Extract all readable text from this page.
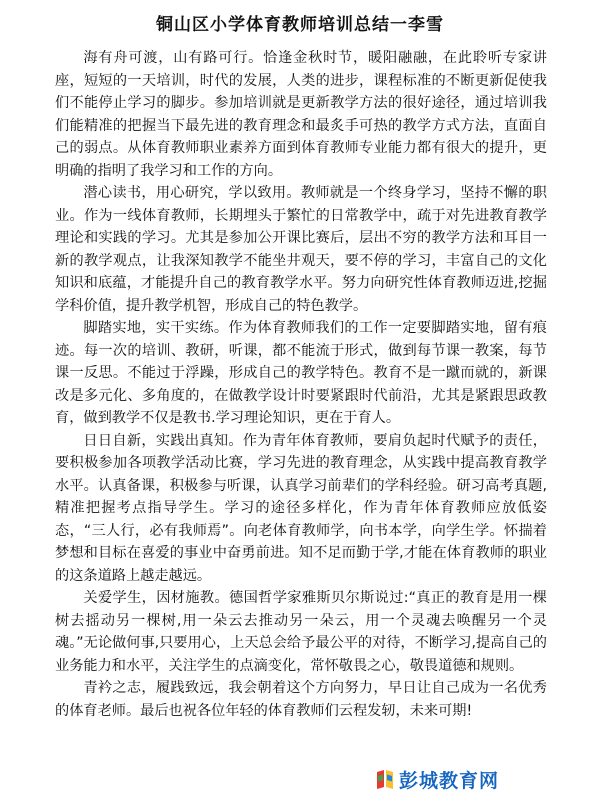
铜山区小学体育教师培训总结一李雪

海有舟可渡，山有路可行。恰逢金秋时节，暖阳融融，在此聆听专家讲座，短短的一天培训，时代的发展，人类的进步，课程标准的不断更新促使我们不能停止学习的脚步。参加培训就是更新教学方法的很好途径，通过培训我们能精准的把握当下最先进的教育理念和最炙手可热的教学方式方法，直面自己的弱点。从体育教师职业素养方面到体育教师专业能力都有很大的提升，更明确的指明了我学习和工作的方向。

潜心读书，用心研究，学以致用。教师就是一个终身学习，坚持不懈的职业。作为一线体育教师，长期埋头于繁忙的日常教学中，疏于对先进教育教学理论和实践的学习。尤其是参加公开课比赛后，层出不穷的教学方法和耳目一新的教学观点，让我深知教学不能坐井观天，要不停的学习，丰富自己的文化知识和底蕴，才能提升自己的教育教学水平。努力向研究性体育教师迈进,挖掘学科价值，提升教学机智，形成自己的特色教学。

脚踏实地，实干实练。作为体育教师我们的工作一定要脚踏实地，留有痕迹。每一次的培训、教研，听课，都不能流于形式，做到每节课一教案，每节课一反思。不能过于浮躁，形成自己的教学特色。教育不是一蹴而就的，新课改是多元化、多角度的，在做教学设计时要紧跟时代前沿，尤其是紧跟思政教育，做到教学不仅是教书.学习理论知识，更在于育人。

日日自新，实践出真知。作为青年体育教师，要肩负起时代赋予的责任，要积极参加各项教学活动比赛，学习先进的教育理念，从实践中提高教育教学水平。认真备课，积极参与听课，认真学习前辈们的学科经验。研习高考真题,精准把握考点指导学生。学习的途径多样化，作为青年体育教师应放低姿态，“三人行，必有我师焉”。向老体育教师学，向书本学，向学生学。怀揣着梦想和目标在喜爱的事业中奋勇前进。知不足而勤于学,才能在体育教师的职业的这条道路上越走越远。

关爱学生，因材施教。德国哲学家雅斯贝尔斯说过:“真正的教育是用一棵树去摇动另一棵树,用一朵云去推动另一朵云，用一个灵魂去唤醒另一个灵魂。”无论做何事,只要用心，上天总会给予最公平的对待，不断学习,提高自己的业务能力和水平，关注学生的点滴变化，常怀敬畏之心，敬畏道德和规则。

青衿之志，履践致远，我会朝着这个方向努力，早日让自己成为一名优秀的体育老师。最后也祝各位年轻的体育教师们云程发轫，未来可期!

彭城教育网
